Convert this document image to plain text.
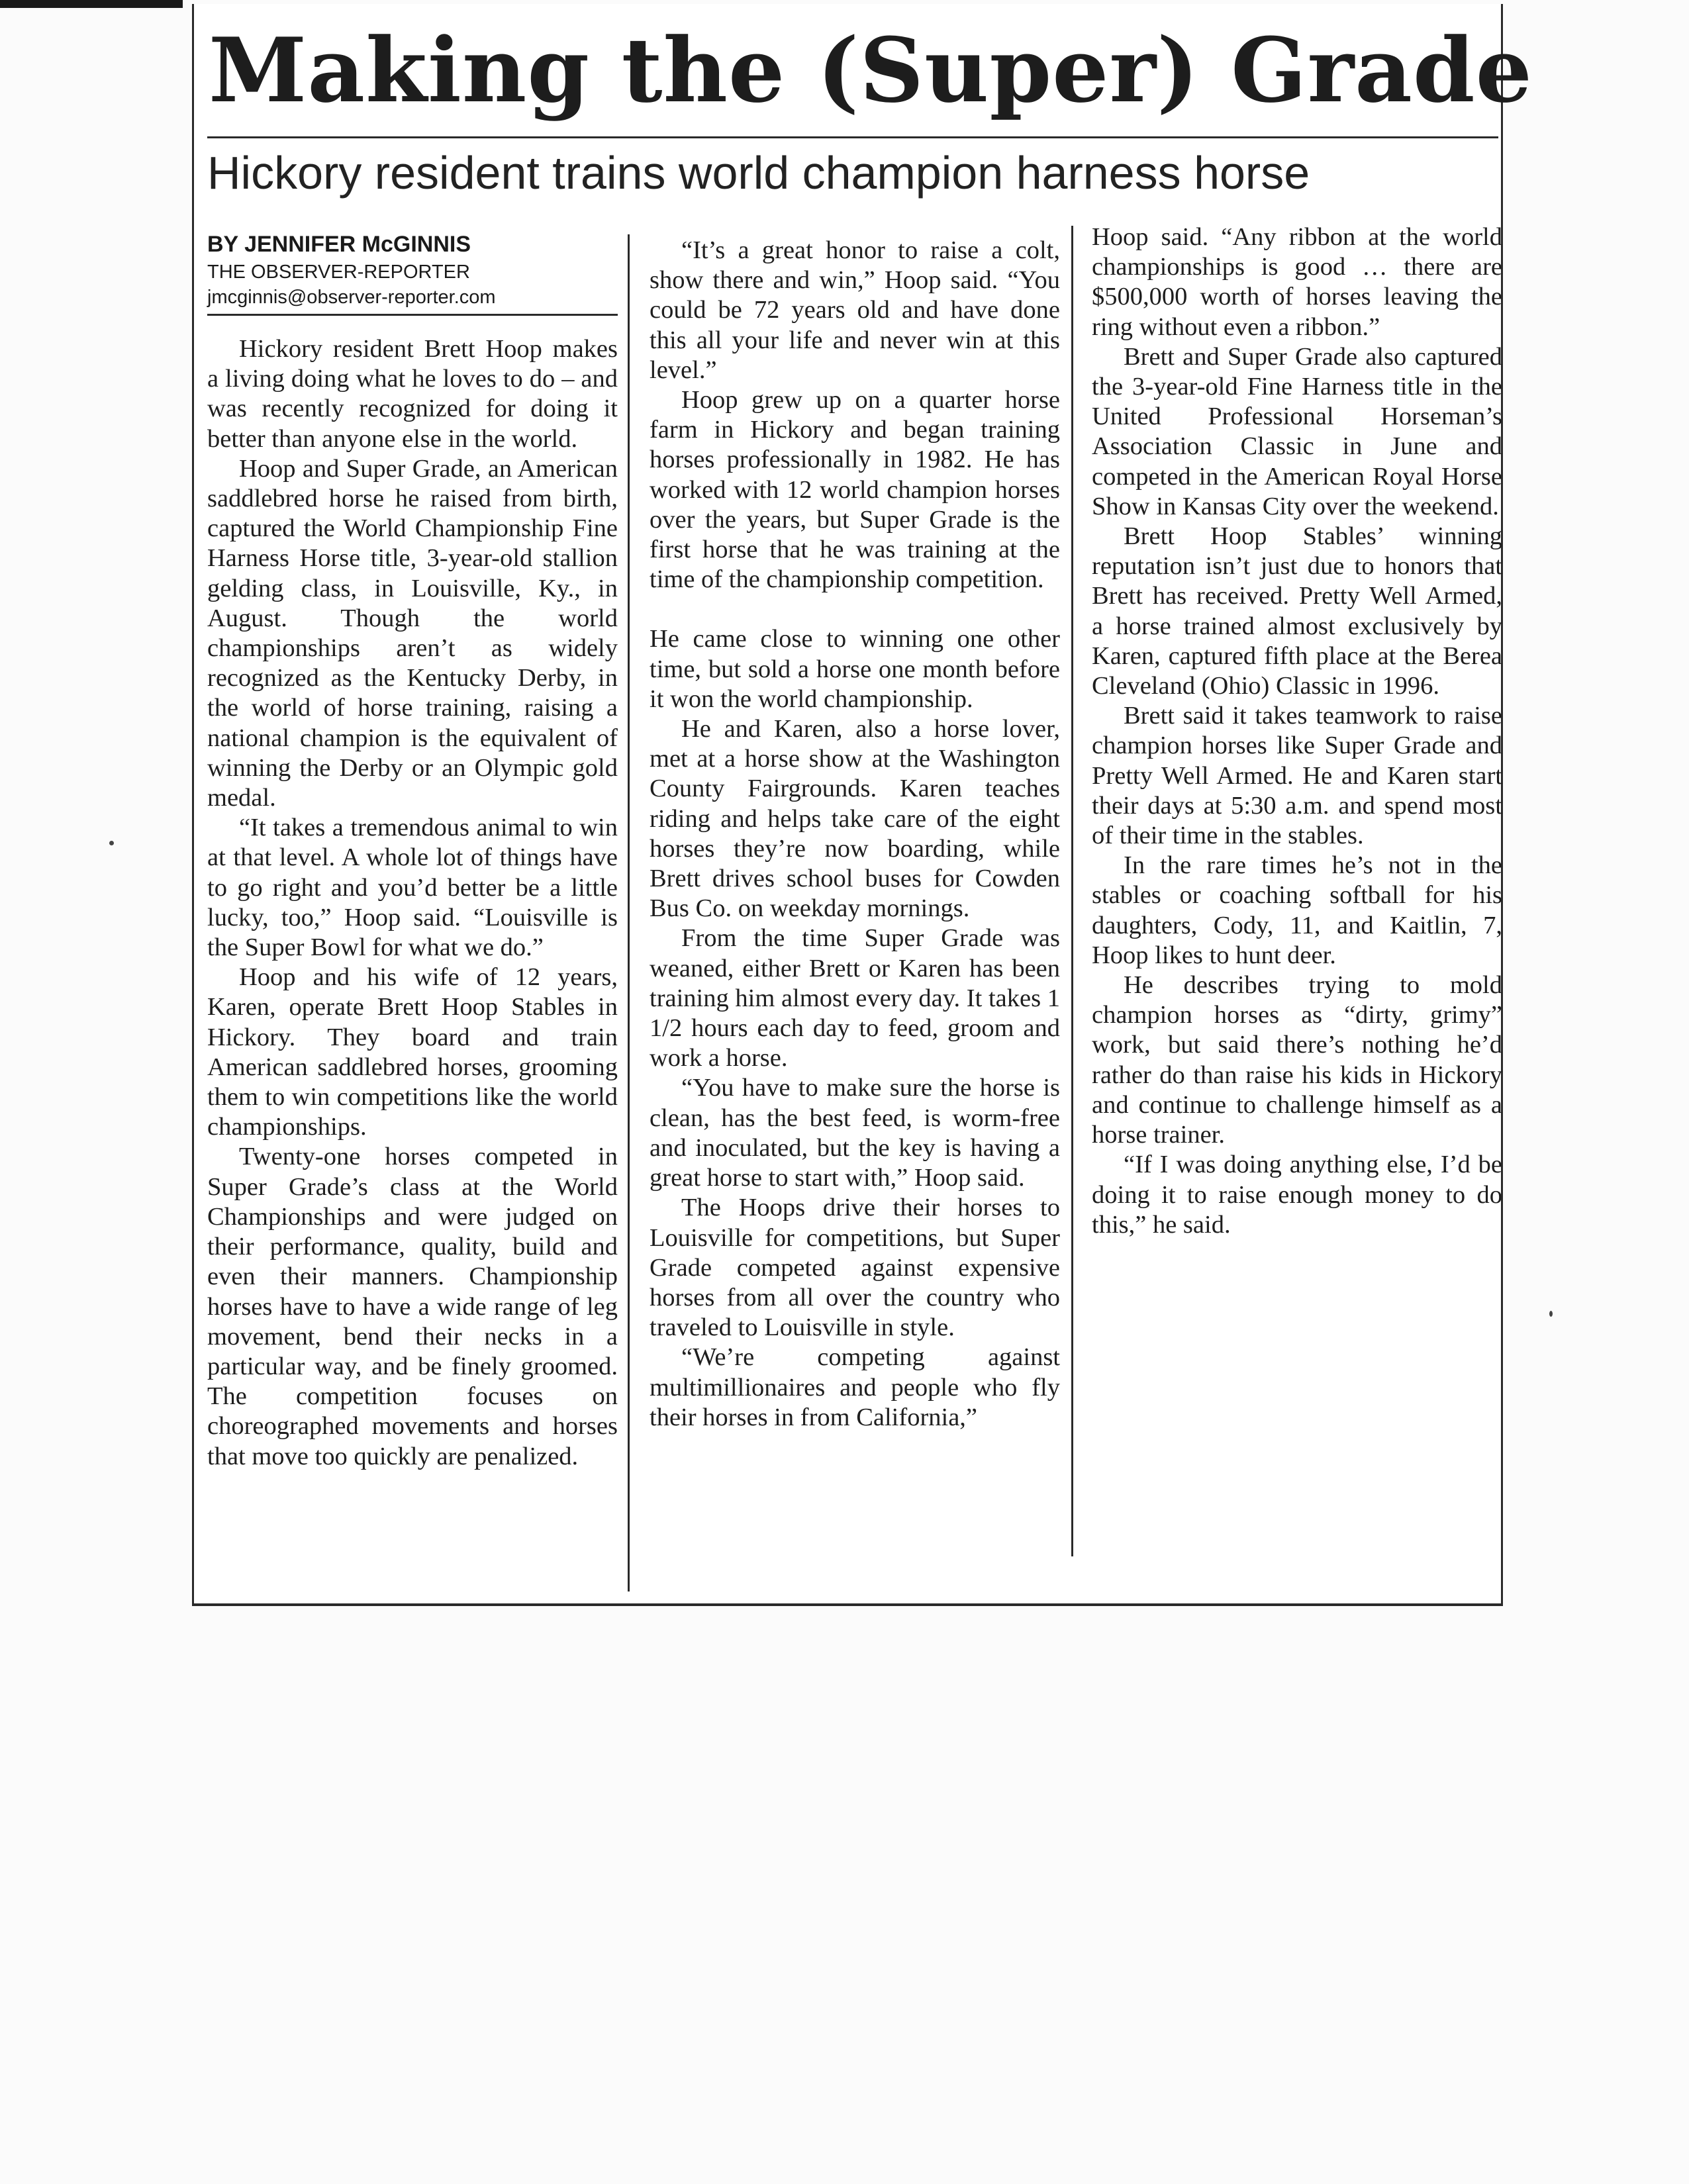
Making the (Super) Grade
Hickory resident trains world champion harness horse
BY JENNIFER McGINNIS
THE OBSERVER-REPORTER
jmcginnis@observer-reporter.com

Hickory resident Brett Hoop makes a living doing what he loves to do – and was recently recognized for doing it better than anyone else in the world.

Hoop and Super Grade, an American saddlebred horse he raised from birth, captured the World Championship Fine Harness Horse title, 3-year-old stallion gelding class, in Louisville, Ky., in August. Though the world championships aren’t as widely recognized as the Kentucky Derby, in the world of horse training, raising a national champion is the equivalent of winning the Derby or an Olympic gold medal.

“It takes a tremendous animal to win at that level. A whole lot of things have to go right and you’d better be a little lucky, too,” Hoop said. “Louisville is the Super Bowl for what we do.”

Hoop and his wife of 12 years, Karen, operate Brett Hoop Stables in Hickory. They board and train American saddlebred horses, grooming them to win competitions like the world championships.

Twenty-one horses competed in Super Grade’s class at the World Championships and were judged on their performance, quality, build and even their manners. Championship horses have to have a wide range of leg movement, bend their necks in a particular way, and be finely groomed. The competition focuses on choreographed movements and horses that move too quickly are penalized.

“It’s a great honor to raise a colt, show there and win,” Hoop said. “You could be 72 years old and have done this all your life and never win at this level.”

Hoop grew up on a quarter horse farm in Hickory and began training horses professionally in 1982. He has worked with 12 world champion horses over the years, but Super Grade is the first horse that he was training at the time of the championship competition.

He came close to winning one other time, but sold a horse one month before it won the world championship.

He and Karen, also a horse lover, met at a horse show at the Washington County Fairgrounds. Karen teaches riding and helps take care of the eight horses they’re now boarding, while Brett drives school buses for Cowden Bus Co. on weekday mornings.

From the time Super Grade was weaned, either Brett or Karen has been training him almost every day. It takes 1 1/2 hours each day to feed, groom and work a horse.

“You have to make sure the horse is clean, has the best feed, is worm-free and inoculated, but the key is having a great horse to start with,” Hoop said.

The Hoops drive their horses to Louisville for competitions, but Super Grade competed against expensive horses from all over the country who traveled to Louisville in style.

“We’re competing against multimillionaires and people who fly their horses in from California,”

Hoop said. “Any ribbon at the world championships is good … there are $500,000 worth of horses leaving the ring without even a ribbon.”

Brett and Super Grade also captured the 3-year-old Fine Harness title in the United Professional Horseman’s Association Classic in June and competed in the American Royal Horse Show in Kansas City over the weekend.

Brett Hoop Stables’ winning reputation isn’t just due to honors that Brett has received. Pretty Well Armed, a horse trained almost exclusively by Karen, captured fifth place at the Berea Cleveland (Ohio) Classic in 1996.

Brett said it takes teamwork to raise champion horses like Super Grade and Pretty Well Armed. He and Karen start their days at 5:30 a.m. and spend most of their time in the stables.

In the rare times he’s not in the stables or coaching softball for his daughters, Cody, 11, and Kaitlin, 7, Hoop likes to hunt deer.

He describes trying to mold champion horses as “dirty, grimy” work, but said there’s nothing he’d rather do than raise his kids in Hickory and continue to challenge himself as a horse trainer.

“If I was doing anything else, I’d be doing it to raise enough money to do this,” he said.
